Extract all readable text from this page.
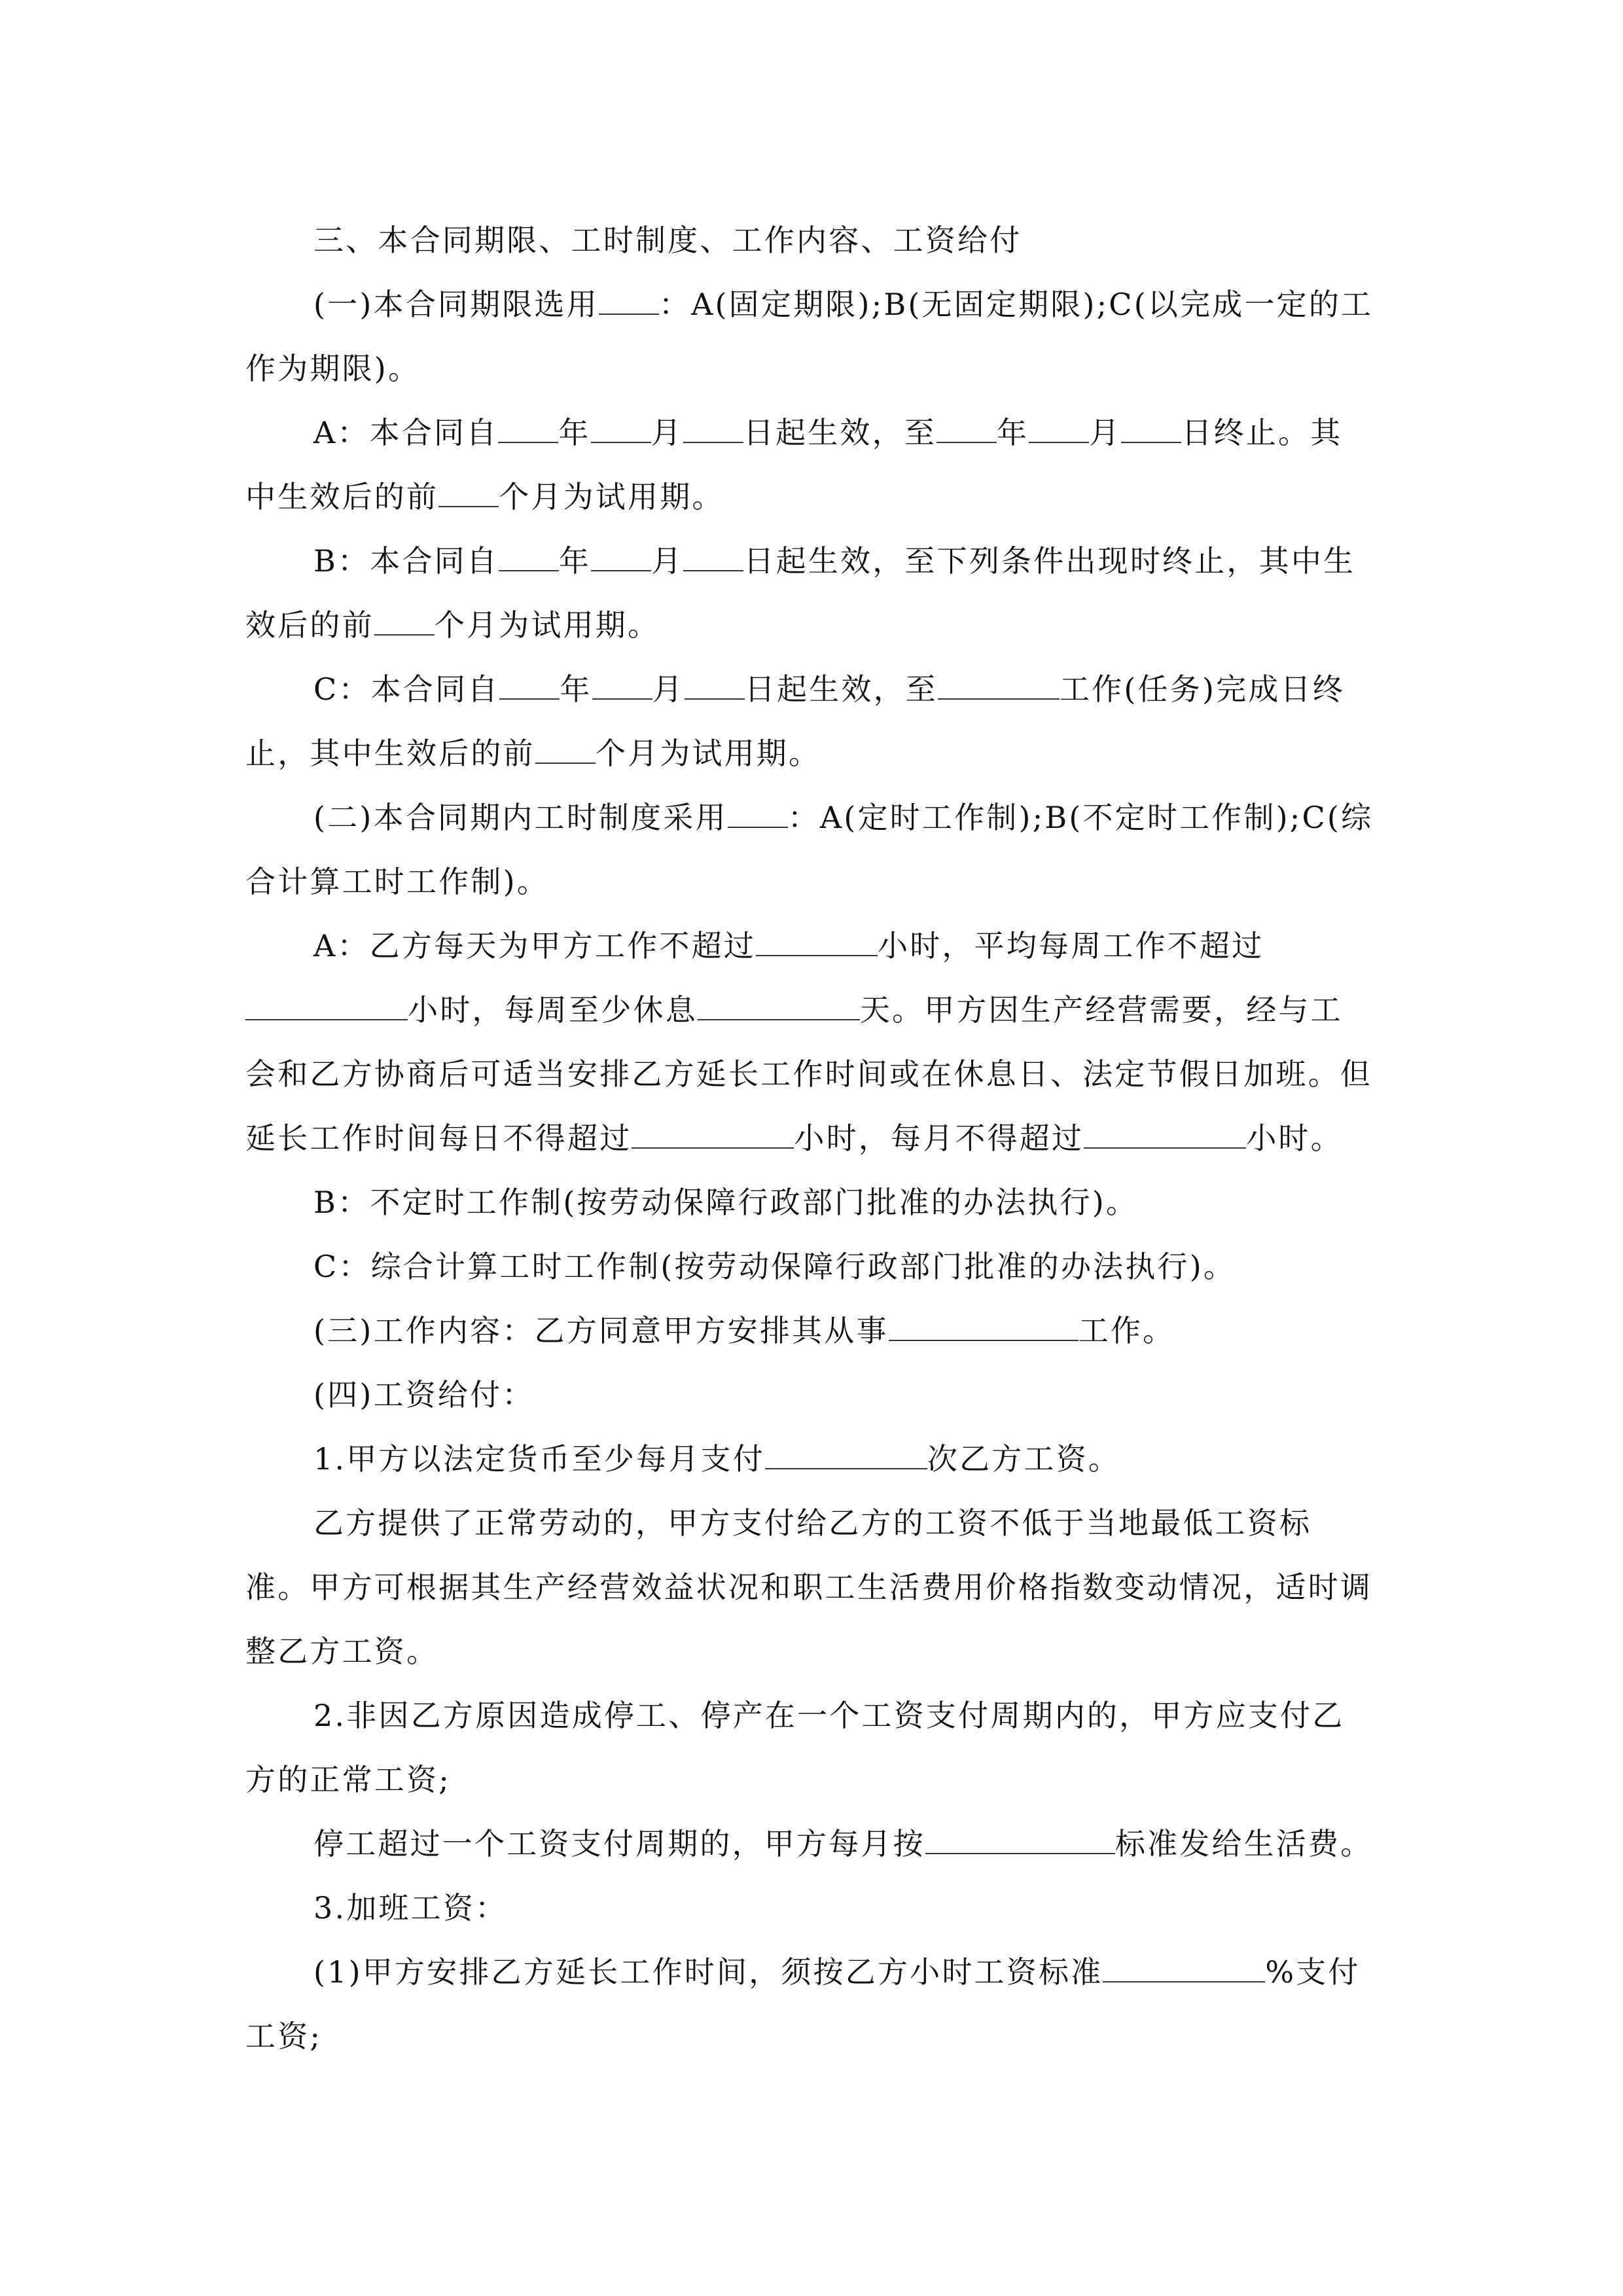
三、本合同期限、工时制度、工作内容、工资给付

(一)本合同期限选用 ：A(固定期限);B(无固定期限);C(以完成一定的工作为期限)。

A：本合同自 年 月 日起生效，至 年 月 日终止。其中生效后的前 个月为试用期。

B：本合同自 年 月 日起生效，至下列条件出现时终止，其中生效后的前 个月为试用期。

C：本合同自 年 月 日起生效，至	工作(任务)完成日终止，其中生效后的前 个月为试用期。

(二)本合同期内工时制度采用 ：A(定时工作制);B(不定时工作制);C(综合计算工时工作制)。

A：乙方每天为甲方工作不超过	小时，平均每周工作不超过小时，每周至少休息	天。甲方因生产经营需要，经与工会和乙方协商后可适当安排乙方延长工作时间或在休息日、法定节假日加班。但延长工作时间每日不得超过	小时，每月不得超过	小时。

B：不定时工作制(按劳动保障行政部门批准的办法执行)。

C：综合计算工时工作制(按劳动保障行政部门批准的办法执行)。

(三)工作内容：乙方同意甲方安排其从事	工作。

(四)工资给付：

1.甲方以法定货币至少每月支付	次乙方工资。

乙方提供了正常劳动的，甲方支付给乙方的工资不低于当地最低工资标准。甲方可根据其生产经营效益状况和职工生活费用价格指数变动情况，适时调整乙方工资。

2.非因乙方原因造成停工、停产在一个工资支付周期内的，甲方应支付乙方的正常工资;

停工超过一个工资支付周期的，甲方每月按	标准发给生活费。

3.加班工资：

(1)甲方安排乙方延长工作时间，须按乙方小时工资标准	%支付工资;
